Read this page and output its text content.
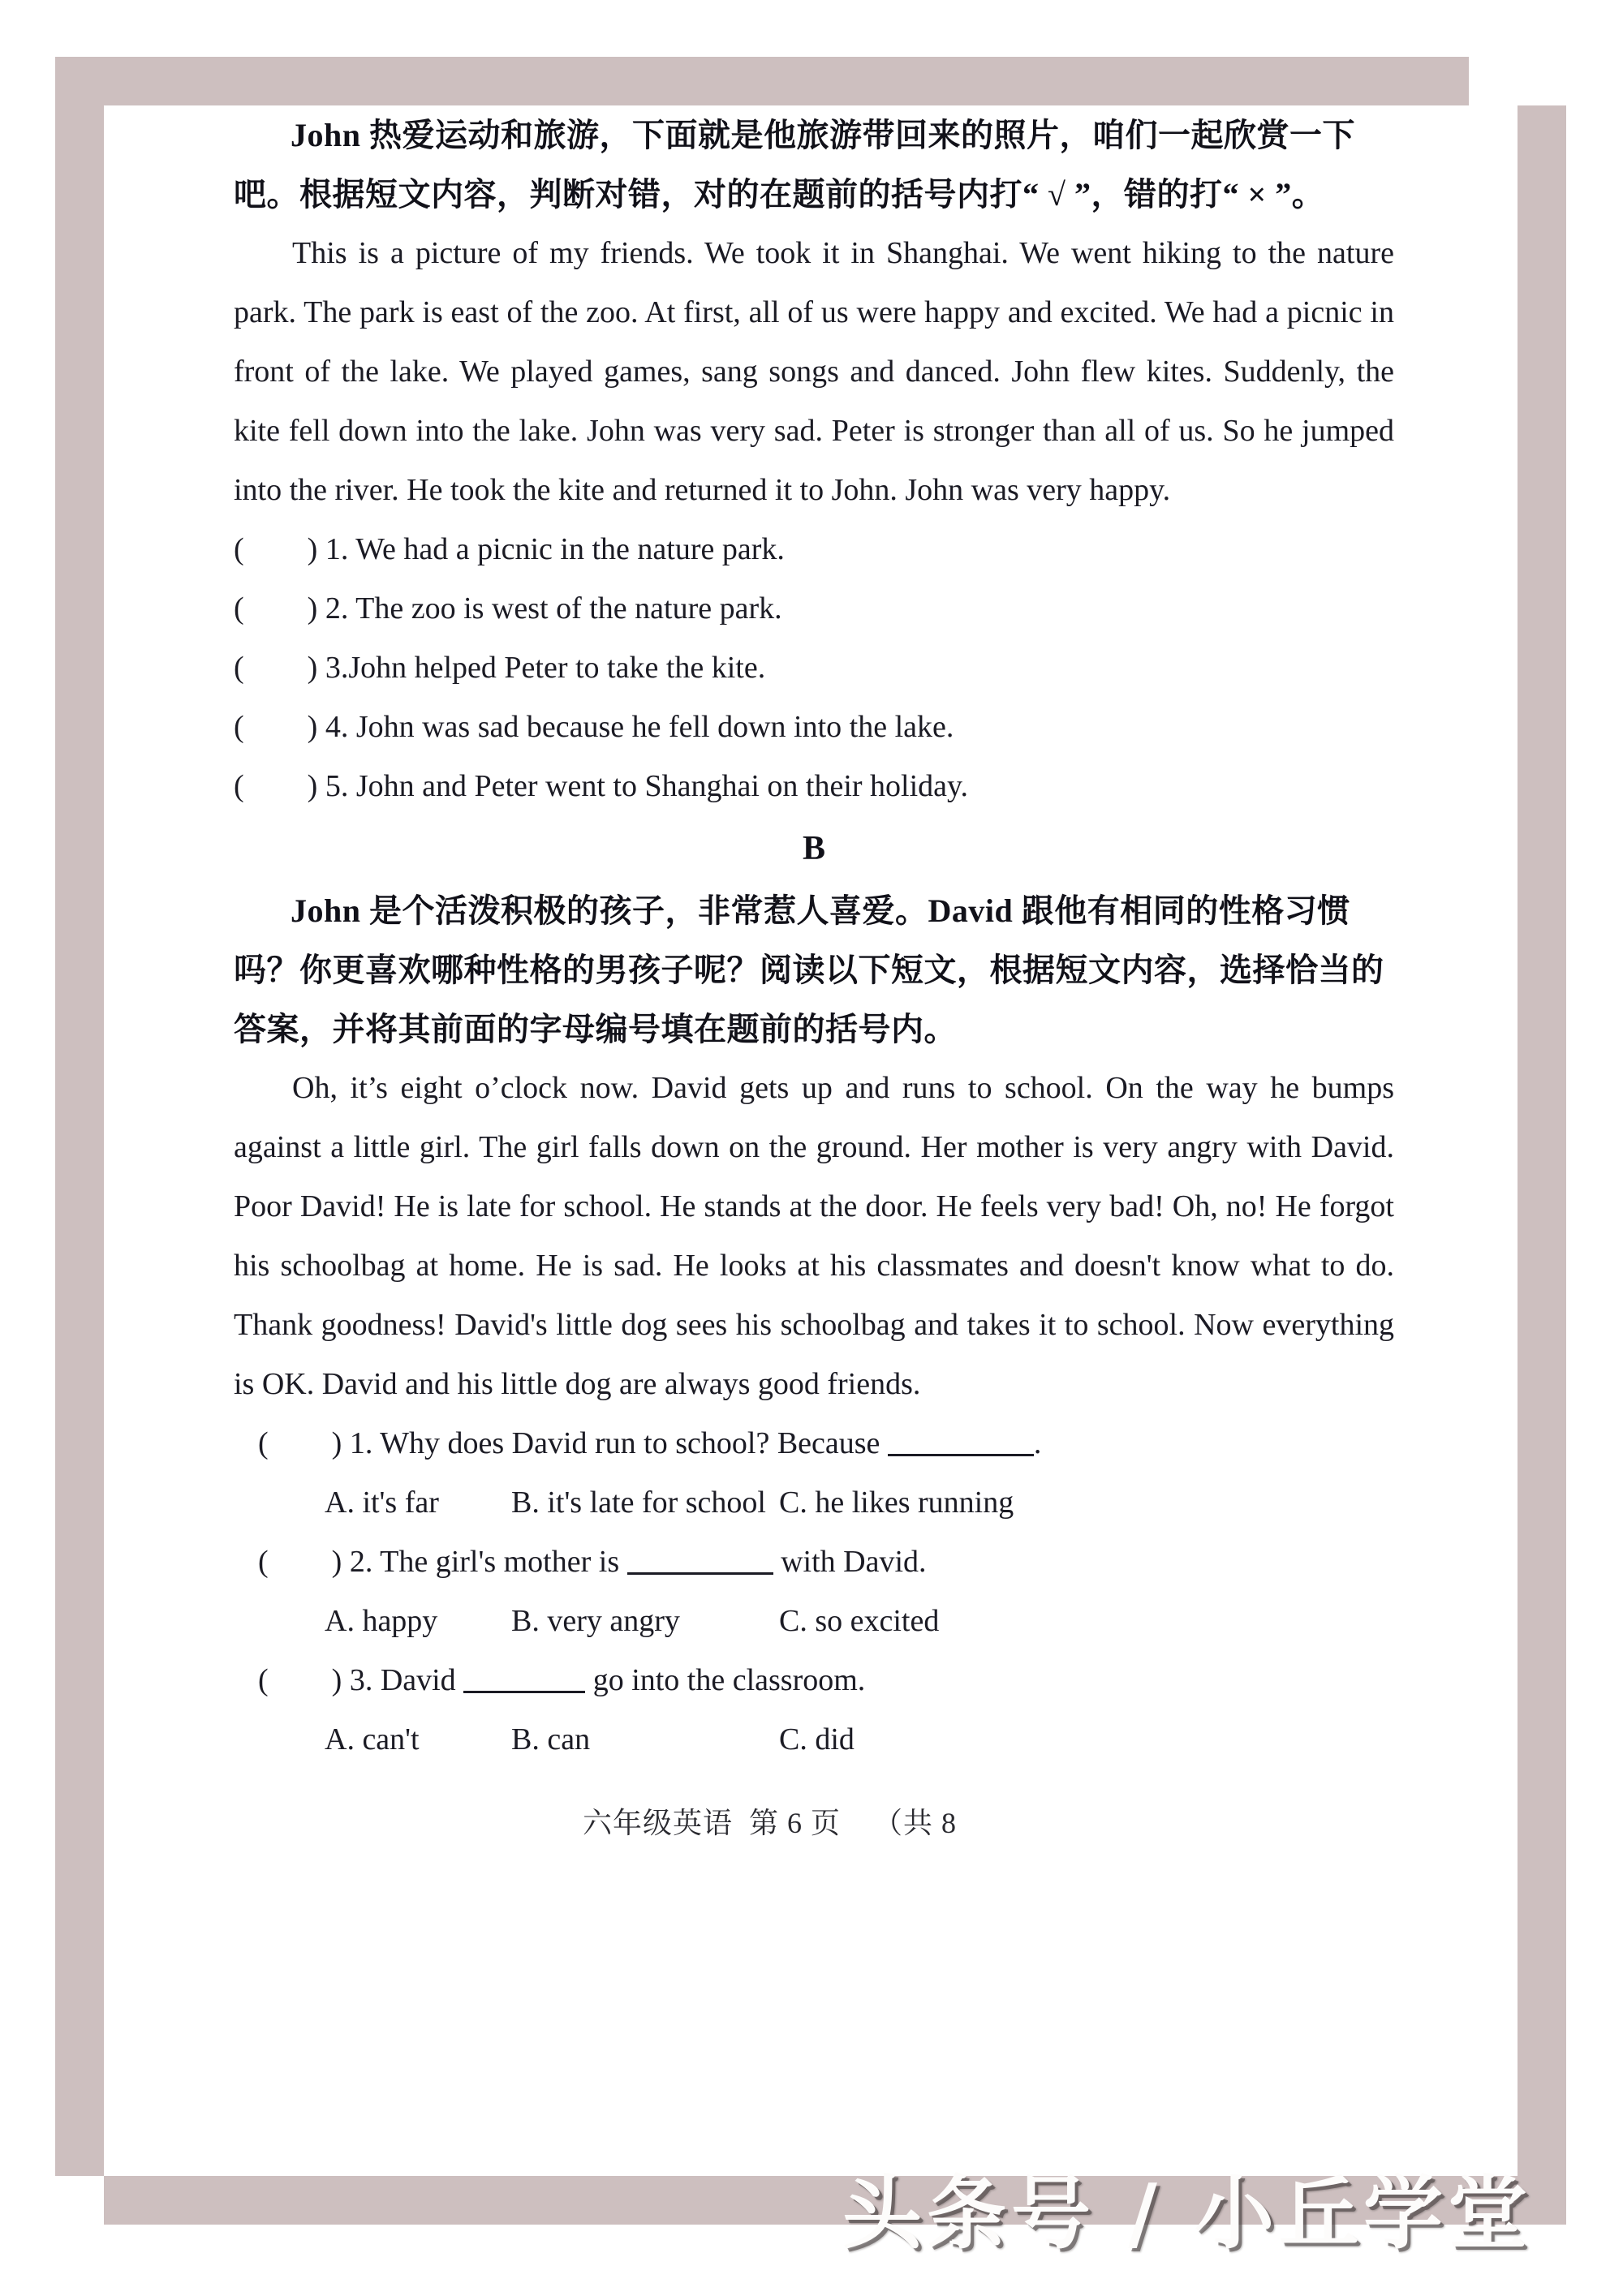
John 热爱运动和旅游，下面就是他旅游带回来的照片，咱们一起欣赏一下吧。根据短文内容，判断对错，对的在题前的括号内打“ √ ”，错的打“ × ”。

This is a picture of my friends. We took it in Shanghai. We went hiking to the nature park. The park is east of the zoo. At first, all of us were happy and excited. We had a picnic in front of the lake. We played games, sang songs and danced. John flew kites. Suddenly, the kite fell down into the lake. John was very sad. Peter is stronger than all of us. So he jumped into the river. He took the kite and returned it to John. John was very happy.

( ) 1. We had a picnic in the nature park.

( ) 2. The zoo is west of the nature park.

( ) 3.John helped Peter to take the kite.

( ) 4. John was sad because he fell down into the lake.

( ) 5. John and Peter went to Shanghai on their holiday.

B

John 是个活泼积极的孩子，非常惹人喜爱。David 跟他有相同的性格习惯吗？你更喜欢哪种性格的男孩子呢？阅读以下短文，根据短文内容，选择恰当的答案，并将其前面的字母编号填在题前的括号内。

Oh, it’s eight o’clock now. David gets up and runs to school. On the way he bumps against a little girl. The girl falls down on the ground. Her mother is very angry with David. Poor David! He is late for school. He stands at the door. He feels very bad! Oh, no! He forgot his schoolbag at home. He is sad. He looks at his classmates and doesn't know what to do. Thank goodness! David's little dog sees his schoolbag and takes it to school. Now everything is OK. David and his little dog are always good friends.

( ) 1. Why does David run to school? Because	.

A. it's far	B. it's late for school C. he likes running

( ) 2. The girl's mother is	with David.

A. happy	B. very angry	C. so excited

( ) 3. David	go into the classroom.

A. can't	B. can	C. did

六年级英语  第 6 页    （共 8
头条号 / 小丘学堂
